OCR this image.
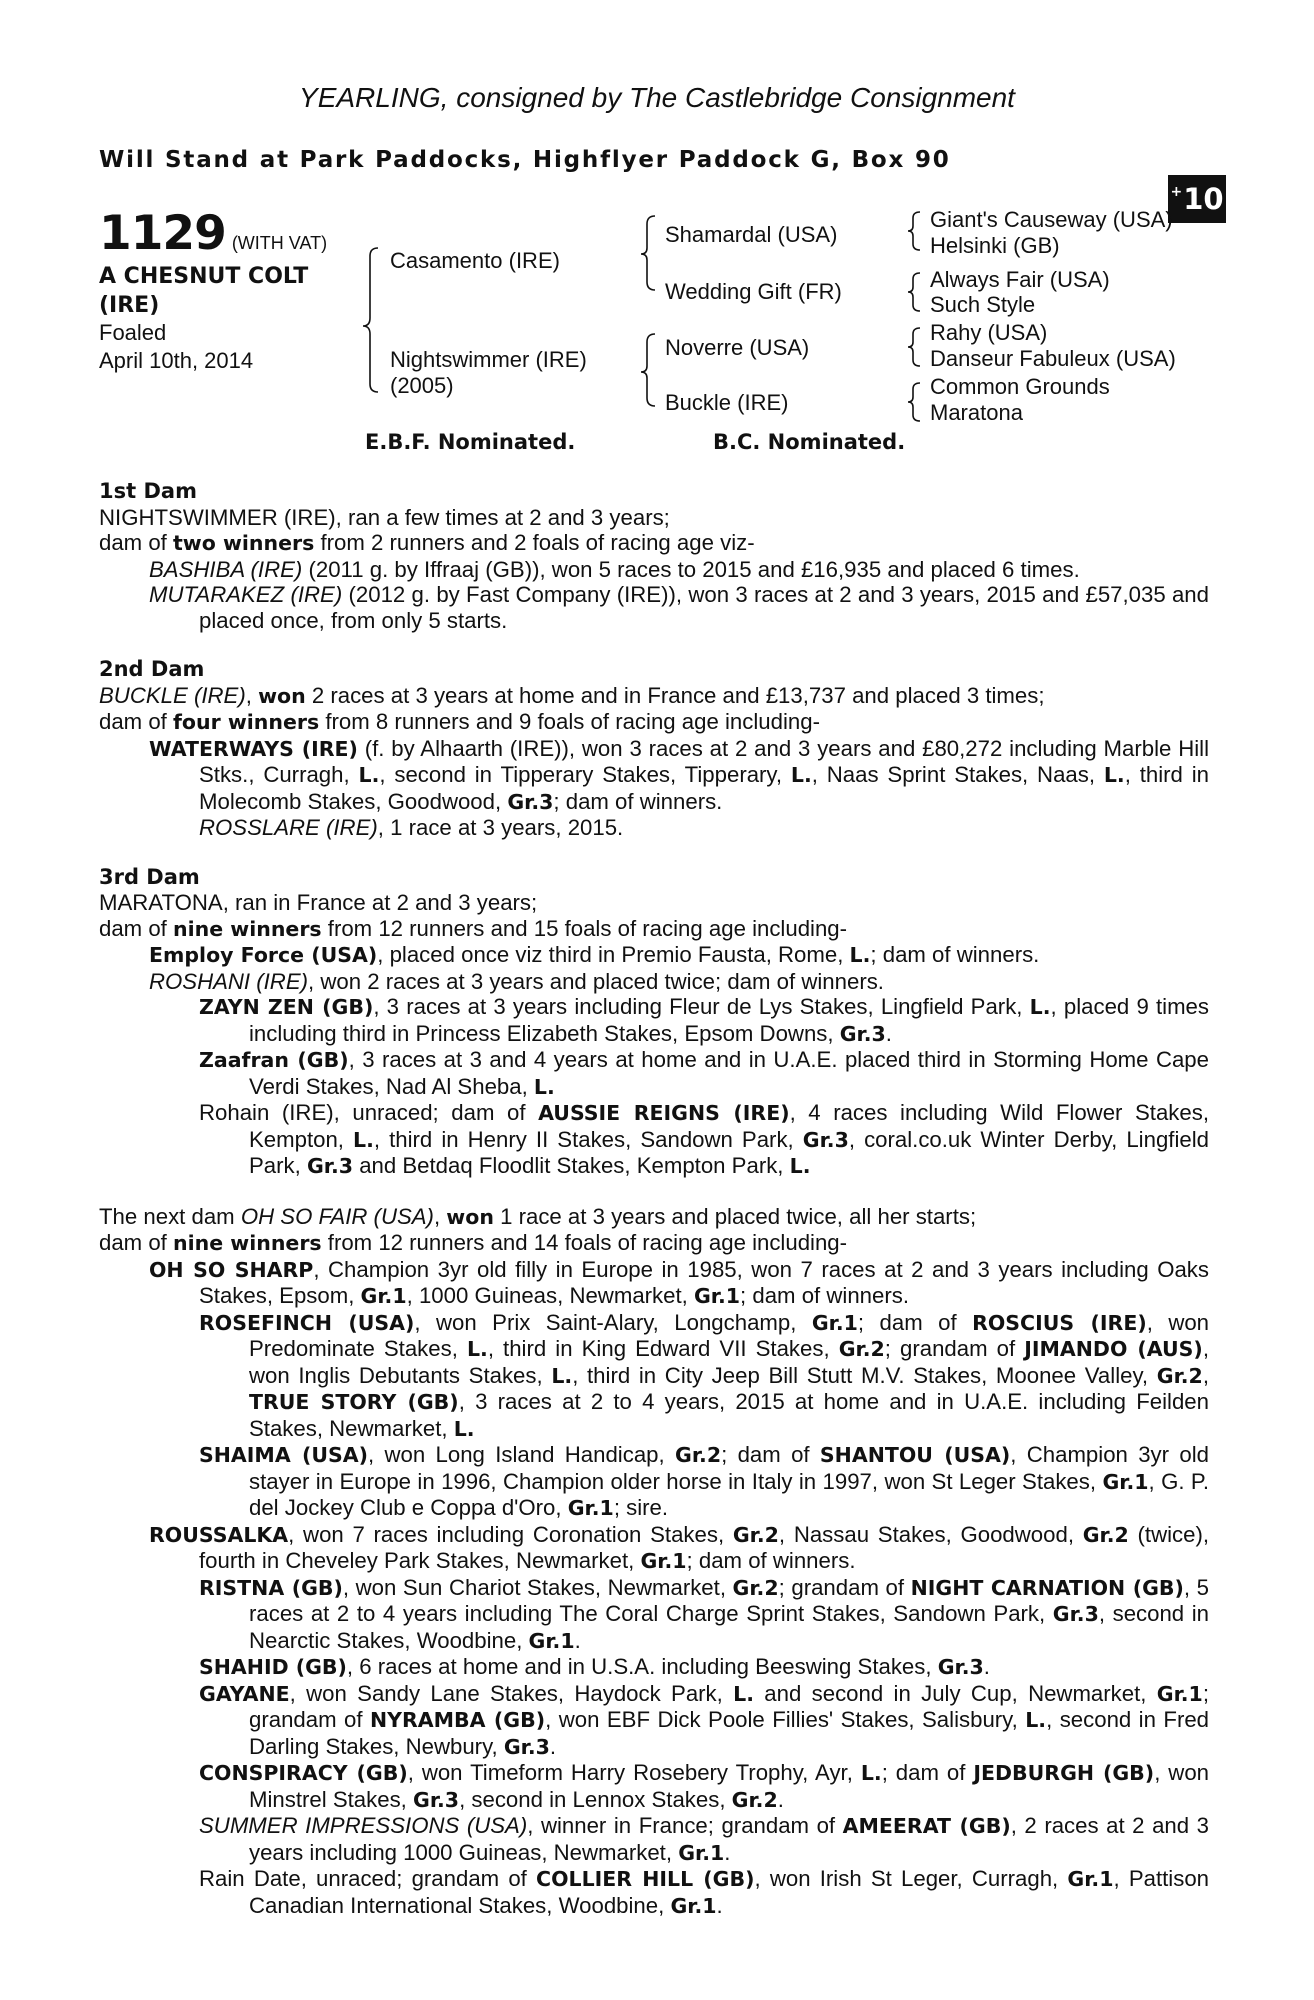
YEARLING, consigned by The Castlebridge Consignment
Will Stand at Park Paddocks, Highflyer Paddock G, Box 90
+ 10
1129 (WITH VAT)
A CHESNUT COLT
(IRE)
Foaled
April 10th, 2014
Casamento (IRE)
Nightswimmer (IRE)
(2005)
Shamardal (USA)
Wedding Gift (FR)
Noverre (USA)
Buckle (IRE)
Giant's Causeway (USA)
Helsinki (GB)
Always Fair (USA)
Such Style
Rahy (USA)
Danseur Fabuleux (USA)
Common Grounds
Maratona
E.B.F. Nominated.	B.C. Nominated.
1st Dam

NIGHTSWIMMER (IRE), ran a few times at 2 and 3 years;

dam of two winners from 2 runners and 2 foals of racing age viz-

BASHIBA (IRE) (2011 g. by Iffraaj (GB)), won 5 races to 2015 and £16,935 and placed 6 times.

MUTARAKEZ (IRE) (2012 g. by Fast Company (IRE)), won 3 races at 2 and 3 years, 2015 and £57,035 and placed once, from only 5 starts.

2nd Dam

BUCKLE (IRE), won 2 races at 3 years at home and in France and £13,737 and placed 3 times;

dam of four winners from 8 runners and 9 foals of racing age including-

WATERWAYS (IRE) (f. by Alhaarth (IRE)), won 3 races at 2 and 3 years and £80,272 including Marble Hill Stks., Curragh, L., second in Tipperary Stakes, Tipperary, L., Naas Sprint Stakes, Naas, L., third in Molecomb Stakes, Goodwood, Gr.3; dam of winners.

ROSSLARE (IRE), 1 race at 3 years, 2015.

3rd Dam

MARATONA, ran in France at 2 and 3 years;

dam of nine winners from 12 runners and 15 foals of racing age including-

Employ Force (USA), placed once viz third in Premio Fausta, Rome, L.; dam of winners.

ROSHANI (IRE), won 2 races at 3 years and placed twice; dam of winners.

ZAYN ZEN (GB), 3 races at 3 years including Fleur de Lys Stakes, Lingfield Park, L., placed 9 times including third in Princess Elizabeth Stakes, Epsom Downs, Gr.3.

Zaafran (GB), 3 races at 3 and 4 years at home and in U.A.E. placed third in Storming Home Cape Verdi Stakes, Nad Al Sheba, L.

Rohain (IRE), unraced; dam of AUSSIE REIGNS (IRE), 4 races including Wild Flower Stakes, Kempton, L., third in Henry II Stakes, Sandown Park, Gr.3, coral.co.uk Winter Derby, Lingfield Park, Gr.3 and Betdaq Floodlit Stakes, Kempton Park, L.

The next dam OH SO FAIR (USA), won 1 race at 3 years and placed twice, all her starts;

dam of nine winners from 12 runners and 14 foals of racing age including-

OH SO SHARP, Champion 3yr old filly in Europe in 1985, won 7 races at 2 and 3 years including Oaks Stakes, Epsom, Gr.1, 1000 Guineas, Newmarket, Gr.1; dam of winners.

ROSEFINCH (USA), won Prix Saint-Alary, Longchamp, Gr.1; dam of ROSCIUS (IRE), won Predominate Stakes, L., third in King Edward VII Stakes, Gr.2; grandam of JIMANDO (AUS), won Inglis Debutants Stakes, L., third in City Jeep Bill Stutt M.V. Stakes, Moonee Valley, Gr.2, TRUE STORY (GB), 3 races at 2 to 4 years, 2015 at home and in U.A.E. including Feilden Stakes, Newmarket, L.

SHAIMA (USA), won Long Island Handicap, Gr.2; dam of SHANTOU (USA), Champion 3yr old stayer in Europe in 1996, Champion older horse in Italy in 1997, won St Leger Stakes, Gr.1, G. P. del Jockey Club e Coppa d'Oro, Gr.1; sire.

ROUSSALKA, won 7 races including Coronation Stakes, Gr.2, Nassau Stakes, Goodwood, Gr.2 (twice), fourth in Cheveley Park Stakes, Newmarket, Gr.1; dam of winners.

RISTNA (GB), won Sun Chariot Stakes, Newmarket, Gr.2; grandam of NIGHT CARNATION (GB), 5 races at 2 to 4 years including The Coral Charge Sprint Stakes, Sandown Park, Gr.3, second in Nearctic Stakes, Woodbine, Gr.1.

SHAHID (GB), 6 races at home and in U.S.A. including Beeswing Stakes, Gr.3.

GAYANE, won Sandy Lane Stakes, Haydock Park, L. and second in July Cup, Newmarket, Gr.1; grandam of NYRAMBA (GB), won EBF Dick Poole Fillies' Stakes, Salisbury, L., second in Fred Darling Stakes, Newbury, Gr.3.

CONSPIRACY (GB), won Timeform Harry Rosebery Trophy, Ayr, L.; dam of JEDBURGH (GB), won Minstrel Stakes, Gr.3, second in Lennox Stakes, Gr.2.

SUMMER IMPRESSIONS (USA), winner in France; grandam of AMEERAT (GB), 2 races at 2 and 3 years including 1000 Guineas, Newmarket, Gr.1.

Rain Date, unraced; grandam of COLLIER HILL (GB), won Irish St Leger, Curragh, Gr.1, Pattison Canadian International Stakes, Woodbine, Gr.1.
